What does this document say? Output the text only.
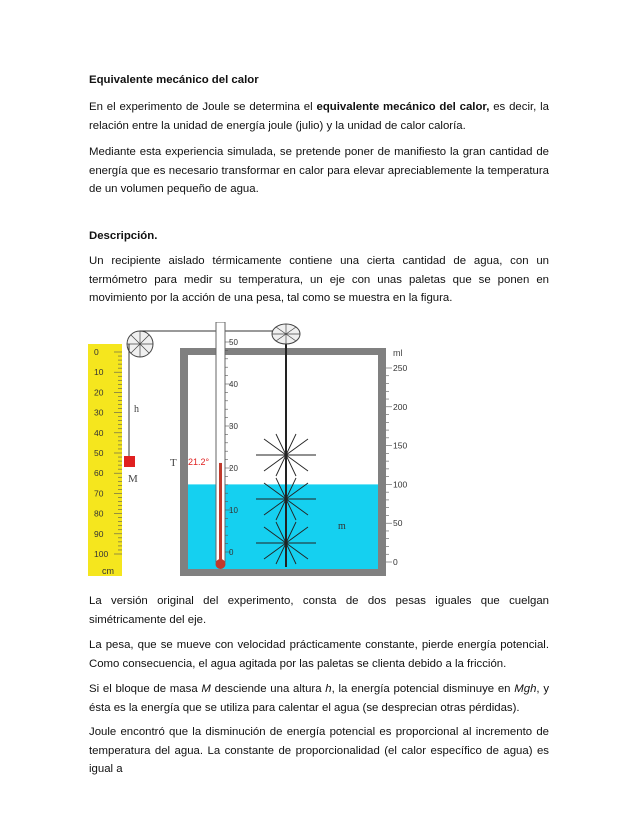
Equivalente mecánico del calor

En el experimento de Joule se determina el equivalente mecánico del calor, es decir, la relación entre la unidad de energía joule (julio) y la unidad de calor caloría.

Mediante esta experiencia simulada, se pretende poner de manifiesto la gran cantidad de energía que es necesario transformar en calor para elevar apreciablemente la temperatura de un volumen pequeño de agua.

Descripción.

Un recipiente aislado térmicamente contiene una cierta cantidad de agua, con un termómetro para medir su temperatura, un eje con unas paletas que se ponen en movimiento por la acción de una pesa, tal como se muestra en la figura.

0
10
20
30
40
50
60
70
80
90
100
cm
h
M
m
50
40
30
20
10
0
T 21.2°
ml
250
200
150
100
50
0

La versión original del experimento, consta de dos pesas iguales que cuelgan simétricamente del eje.

La pesa, que se mueve con velocidad prácticamente constante, pierde energía potencial. Como consecuencia, el agua agitada por las paletas se clienta debido a la fricción.

Si el bloque de masa M desciende una altura h, la energía potencial disminuye en Mgh, y ésta es la energía que se utiliza para calentar el agua (se desprecian otras pérdidas).

Joule encontró que la disminución de energía potencial es proporcional al incremento de temperatura del agua. La constante de proporcionalidad (el calor específico de agua) es igual a
